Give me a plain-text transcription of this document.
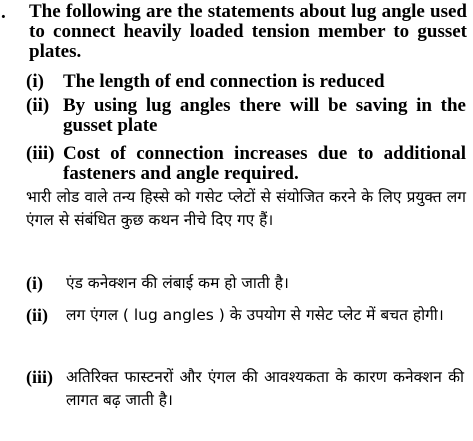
. The following are the statements about lug angle used to connect heavily loaded tension member to gusset plates.
(i) The length of end connection is reduced
(ii) By using lug angles there will be saving in the gusset plate
(iii) Cost of connection increases due to additional fasteners and angle required.
भारी लोड वाले तन्य हिस्से को गसेट प्लेटों से संयोजित करने के लिए प्रयुक्त लग एंगल से संबंधित कुछ कथन नीचे दिए गए हैं।
(i) एंड कनेक्शन की लंबाई कम हो जाती है।
(ii) लग एंगल ( lug angles ) के उपयोग से गसेट प्लेट में बचत होगी।
(iii) अतिरिक्त फास्टनरों और एंगल की आवश्यकता के कारण कनेक्शन की लागत बढ़ जाती है।
